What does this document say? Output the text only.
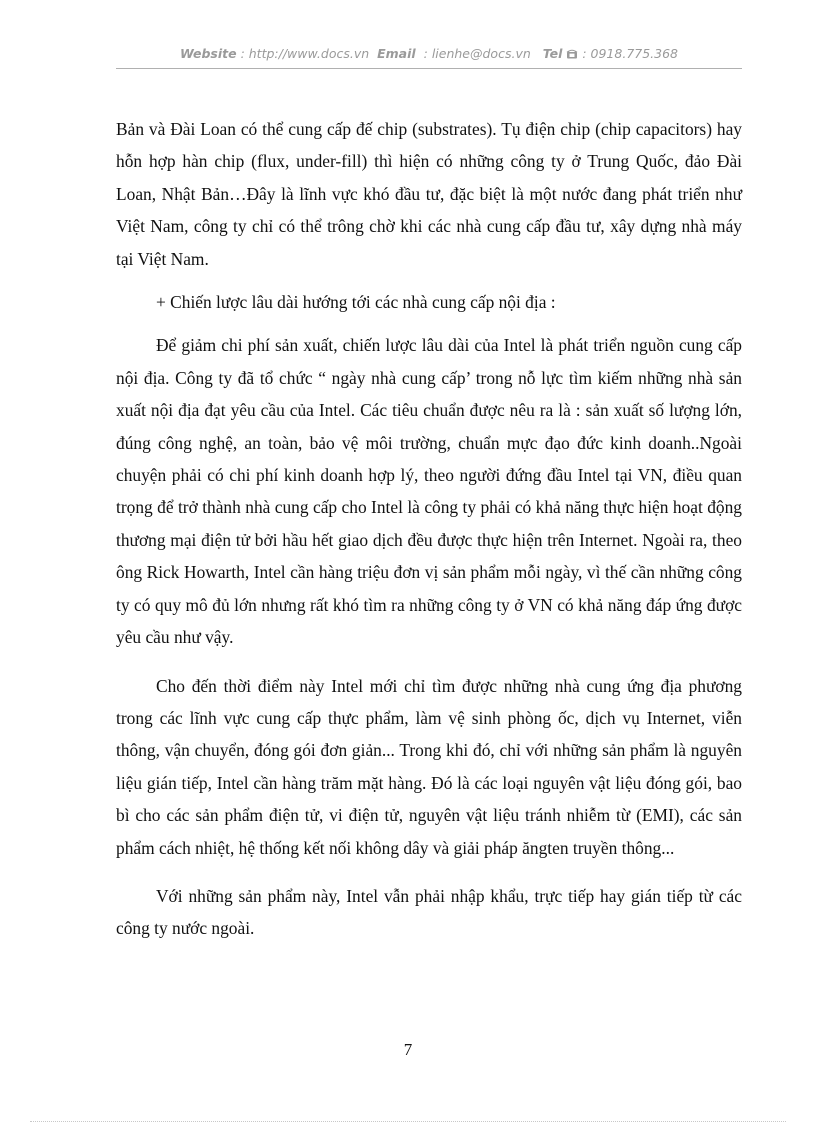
Website : http://www.docs.vn Email : lienhe@docs.vn Tel : 0918.775.368

Bản và Đài Loan có thể cung cấp đế chip (substrates). Tụ điện chip (chip capacitors) hay hỗn hợp hàn chip (flux, under-fill) thì hiện có những công ty ở Trung Quốc, đảo Đài Loan, Nhật Bản…Đây là lĩnh vực khó đầu tư, đặc biệt là một nước đang phát triển như Việt Nam, công ty chỉ có thể trông chờ khi các nhà cung cấp đầu tư, xây dựng nhà máy tại Việt Nam.

+ Chiến lược lâu dài hướng tới các nhà cung cấp nội địa :

Để giảm chi phí sản xuất, chiến lược lâu dài của Intel là phát triển nguồn cung cấp nội địa. Công ty đã tổ chức “ ngày nhà cung cấp’ trong nỗ lực tìm kiếm những nhà sản xuất nội địa đạt yêu cầu của Intel. Các tiêu chuẩn được nêu ra là : sản xuất số lượng lớn, đúng công nghệ, an toàn, bảo vệ môi trường, chuẩn mực đạo đức kinh doanh..Ngoài chuyện phải có chi phí kinh doanh hợp lý, theo người đứng đầu Intel tại VN, điều quan trọng để trở thành nhà cung cấp cho Intel là công ty phải có khả năng thực hiện hoạt động thương mại điện tử bởi hầu hết giao dịch đều được thực hiện trên Internet. Ngoài ra, theo ông Rick Howarth, Intel cần hàng triệu đơn vị sản phẩm mỗi ngày, vì thế cần những công ty có quy mô đủ lớn nhưng rất khó tìm ra những công ty ở VN có khả năng đáp ứng được yêu cầu như vậy.

Cho đến thời điểm này Intel mới chỉ tìm được những nhà cung ứng địa phương trong các lĩnh vực cung cấp thực phẩm, làm vệ sinh phòng ốc, dịch vụ Internet, viễn thông, vận chuyển, đóng gói đơn giản... Trong khi đó, chỉ với những sản phẩm là nguyên liệu gián tiếp, Intel cần hàng trăm mặt hàng. Đó là các loại nguyên vật liệu đóng gói, bao bì cho các sản phẩm điện tử, vi điện tử, nguyên vật liệu tránh nhiễm từ (EMI), các sản phẩm cách nhiệt, hệ thống kết nối không dây và giải pháp ăngten truyền thông...

Với những sản phẩm này, Intel vẫn phải nhập khẩu, trực tiếp hay gián tiếp từ các công ty nước ngoài.

7
